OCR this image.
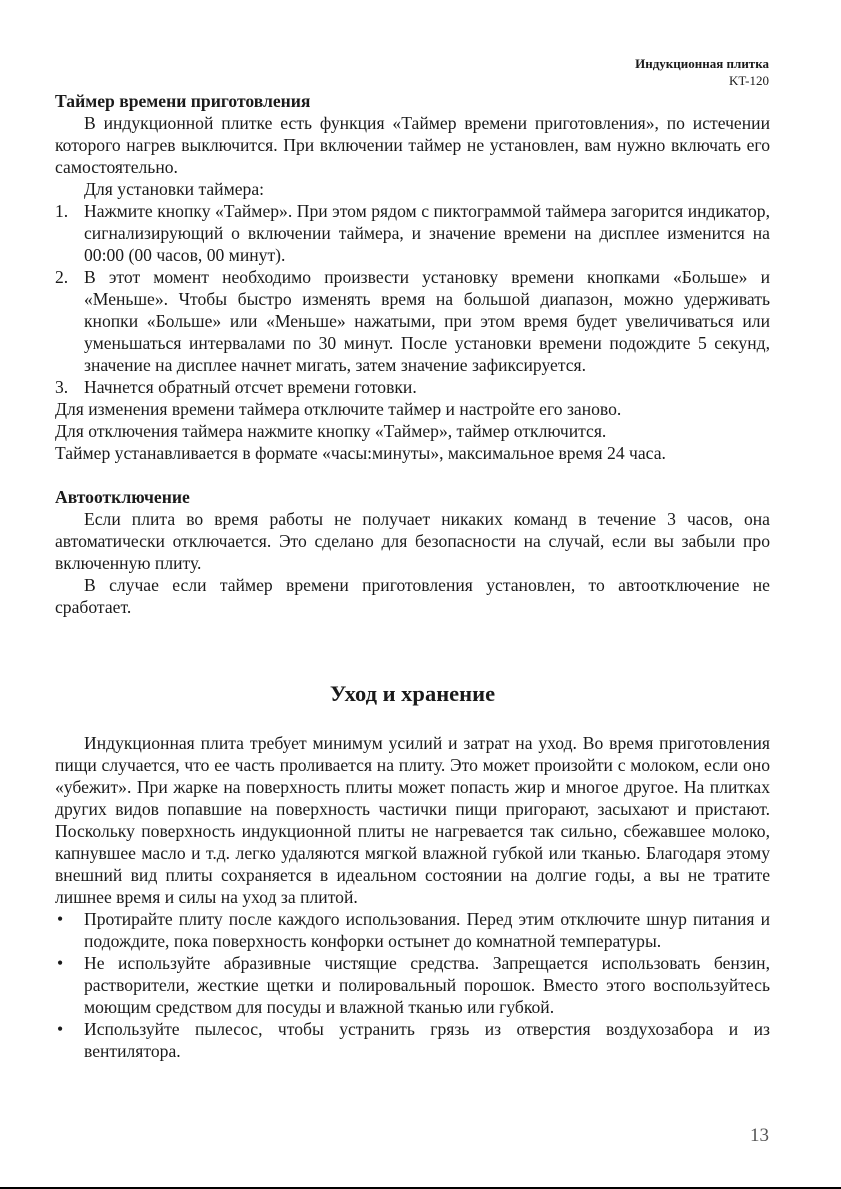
Индукционная плитка
KT-120

Таймер времени приготовления

В индукционной плитке есть функция «Таймер времени приготовления», по истечении которого нагрев выключится. При включении таймер не установлен, вам нужно включать его самостоятельно.

Для установки таймера:

1. Нажмите кнопку «Таймер». При этом рядом с пиктограммой таймера загорится индикатор, сигнализирующий о включении таймера, и значение времени на дисплее изменится на 00:00 (00 часов, 00 минут).
2. В этот момент необходимо произвести установку времени кнопками «Больше» и «Меньше». Чтобы быстро изменять время на большой диапазон, можно удерживать кнопки «Больше» или «Меньше» нажатыми, при этом время будет увеличиваться или уменьшаться интервалами по 30 минут. После установки времени подождите 5 секунд, значение на дисплее начнет мигать, затем значение зафиксируется.
3. Начнется обратный отсчет времени готовки.

Для изменения времени таймера отключите таймер и настройте его заново.

Для отключения таймера нажмите кнопку «Таймер», таймер отключится.

Таймер устанавливается в формате «часы:минуты», максимальное время 24 часа.

Автоотключение

Если плита во время работы не получает никаких команд в течение 3 часов, она автоматически отключается. Это сделано для безопасности на случай, если вы забыли про включенную плиту.

В случае если таймер времени приготовления установлен, то автоотключение не сработает.

Уход и хранение

Индукционная плита требует минимум усилий и затрат на уход. Во время приготовления пищи случается, что ее часть проливается на плиту. Это может произойти с молоком, если оно «убежит». При жарке на поверхность плиты может попасть жир и многое другое. На плитках других видов попавшие на поверхность частички пищи пригорают, засыхают и пристают. Поскольку поверхность индукционной плиты не нагревается так сильно, сбежавшее молоко, капнувшее масло и т.д. легко удаляются мягкой влажной губкой или тканью. Благодаря этому внешний вид плиты сохраняется в идеальном состоянии на долгие годы, а вы не тратите лишнее время и силы на уход за плитой.

•	Протирайте плиту после каждого использования. Перед этим отключите шнур питания и подождите, пока поверхность конфорки остынет до комнатной температуры.
•	Не используйте абразивные чистящие средства. Запрещается использовать бензин, растворители, жесткие щетки и полировальный порошок. Вместо этого воспользуйтесь моющим средством для посуды и влажной тканью или губкой.
•	Используйте пылесос, чтобы устранить грязь из отверстия воздухозабора и из вентилятора.
13
